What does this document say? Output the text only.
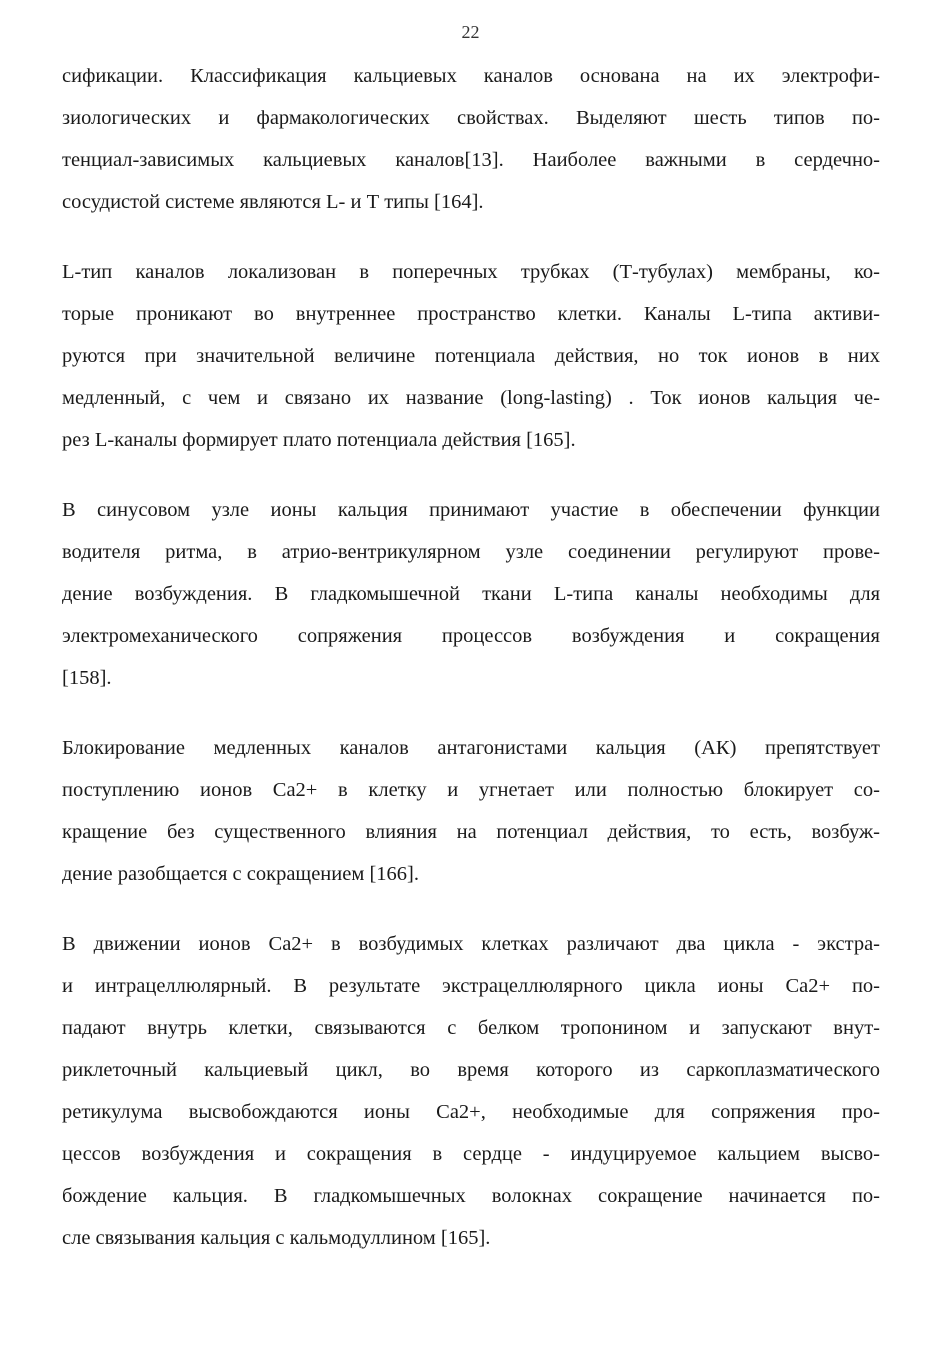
22
сификации. Классификация кальциевых каналов основана на их электрофи-
зиологических и фармакологических свойствах. Выделяют шесть типов по-
тенциал-зависимых кальциевых каналов[13]. Наиболее важными в сердечно-
сосудистой системе являются L- и Т типы [164].
L-тип каналов локализован в поперечных трубках (Т-тубулах) мембраны, ко-
торые проникают во внутреннее пространство клетки. Каналы L-типа активи-
руются при значительной величине потенциала действия, но ток ионов в них
медленный, с чем и связано их название (long-lasting) . Ток ионов кальция че-
рез L-каналы формирует плато потенциала действия [165].
В синусовом узле ионы кальция принимают участие в обеспечении функции
водителя ритма, в атрио-вентрикулярном узле соединении регулируют прове-
дение возбуждения. В гладкомышечной ткани L-типа каналы необходимы для
электромеханического сопряжения процессов возбуждения и сокращения
[158].
Блокирование медленных каналов антагонистами кальция (АК) препятствует
поступлению ионов Са2+ в клетку и угнетает или полностью блокирует со-
кращение без существенного влияния на потенциал действия, то есть, возбуж-
дение разобщается с сокращением [166].
В движении ионов Са2+ в возбудимых клетках различают два цикла - экстра-
и интрацеллюлярный. В результате экстрацеллюлярного цикла ионы Са2+ по-
падают внутрь клетки, связываются с белком тропонином и запускают внут-
риклеточный кальциевый цикл, во время которого из саркоплазматического
ретикулума высвобождаются ионы Са2+, необходимые для сопряжения про-
цессов возбуждения и сокращения в сердце - индуцируемое кальцием высво-
бождение кальция. В гладкомышечных волокнах сокращение начинается по-
сле связывания кальция с кальмодуллином [165].
